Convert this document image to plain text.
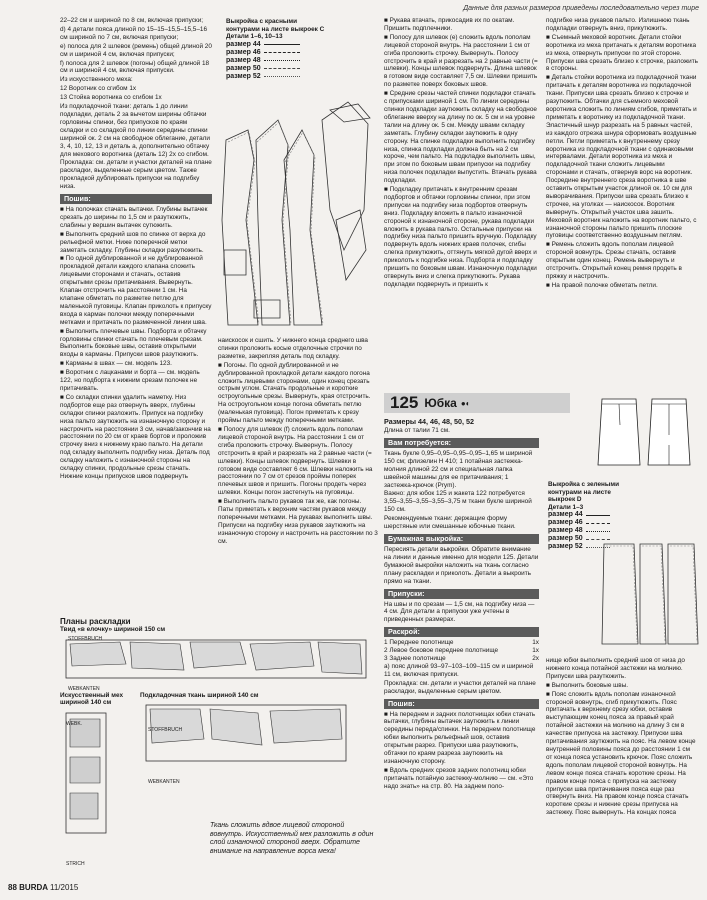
Данные для разных размеров приведены последовательно через тире

22–22 см и шириной по 8 см, включая припуски;

d) 4 детали пояса длиной по 15–15–15,5–15,5–16 см шириной по 7 см, включая припуски;

е) полоса для 2 шлевок (ремень) общей длиной 20 см и шириной 4 см, включая припуски;

f) полоса для 2 шлевок (погоны) общей длиной 18 см и шириной 4 см, включая припуски.

Из искусственного меха:

12 Воротник со сгибом 1x

13 Стойка воротника со сгибом 1x

Из подкладочной ткани: деталь 1 до линии подкладки, деталь 2 за вычетом ширины обтачки горловины спинки, без припусков по краям складки и со складкой по линии середины спинки шириной ок. 2 см на свободное облегание, детали 3, 4, 10, 12, 13 и деталь а, дополнительно обтачку для мехового воротника (деталь 12) 2х со сгибом.

Прокладка: см. детали и участки деталей на плане раскладки, выделенные серым цветом. Также прокладкой дублировать припуски на подгибку низа.

Пошив:

■ На полочках стачать вытачки. Глубины вытачек срезать до ширины по 1,5 см и разутюжить, слабины у вершин вытачек сутюжить.

■ Выполнить средний шов по спинке от верха до рельефной метки. Ниже поперечной метки заметать складку. Глубины складки разутюжить.

■ По одной дублированной и не дублированной прокладкой детали каждого клапана сложить лицевыми сторонами и стачать, оставив открытыми срезы притачивания. Вывернуть. Клапан отстрочить на расстоянии 1 см. На клапане обметать по разметке петлю для маленькой пуговицы. Клапан приколоть к припуску входа в карман полочки между поперечными метками и притачать по размеченной линии шва.

■ Выполнить плечевые швы. Подбортa и обтачку горловины спинки стачать по плечевым срезам. Выполнить боковые швы, оставив открытыми входы в карманы. Припуски швов разутюжить.

■ Карманы в швах — см. модель 123.

■ Воротник с лацканами и борта — см. модель 122, но подборта к нижним срезам полочек не притачивать.

■ Со складки спинки удалить наметку. Низ подбортов еще раз отвернуть вверх, глубины складки спинки разложить. Припуск на подгибку низа пальто заутюжить на изнаночную сторону и настрочить на расстоянии 3 см, начав/закончив на расстоянии по 20 см от краев бортов и проложив строчку вниз к нижнему краю пальто. На детали под складку выполнить подгибку низа. Деталь под складку наложить с изнаночной стороны на складку спинки, продольные срезы стачать. Нижние концы припусков швов подвернуть

Выкройка с красными контурами на листе выкроек С
Детали 1–6, 10–13
размер 44
размер 46
размер 48
размер 50
размер 52

наискосок и сшить. У нижнего конца среднего шва спинки проложить косые отделочные строчки по разметке, закрепляя деталь под складку.

■ Погоны. По одной дублированной и не дублированной прокладкой детали каждого погона сложить лицевыми сторонами, один конец срезать острым углом. Стачать продольные и короткие остроугольные срезы. Вывернуть, края отстрочить. На остроугольном конце погона обметать петлю (маленькая пуговица). Погон приметать к срезу проймы пальто между поперечными метками.

■ Полосу для шлевок (f) сложить вдоль пополам лицевой стороной внутрь. На расстоянии 1 см от сгиба проложить строчку. Вывернуть. Полосу отстрочить в край и разрезать на 2 равные части (= шлевки). Концы шлевок подвернуть. Шлевки в готовом виде составляет 6 см. Шлевки наложить на расстоянии по 7 см от срезов проймы поперек плечевых швов и пришить. Погоны продеть через шлевки. Концы погон застегнуть на пуговицы.

■ Выполнить пальто рукавов так же, как погоны. Паты приметать к верхним частям рукавов между поперечными метками. На рукавах выполнить швы. Припуски на подгибку низа рукавов заутюжить на изнаночную сторону и настрочить на расстоянии по 3 см.

■ Рукава втачать, прикосадив их по окатам. Пришить подплечники.

■ Полосу для шлевок (е) сложить вдоль пополам лицевой стороной внутрь. На расстоянии 1 см от сгиба проложить строчку. Вывернуть. Полосу отстрочить в край и разрезать на 2 равные части (= шлевки). Концы шлевок подвернуть. Длина шлевок в готовом виде составляет 7,5 см. Шлевки пришить по разметке поверх боковых швов.

■ Средние срезы частей спинки подкладки стачать с припусками шириной 1 см. По линии середины спинки подкладки заутюжить складку на свободное облегание вверху на длину по ок. 5 см и на уровне талии на длину ок. 5 см. Между швами складку заметать. Глубину складки заутюжить в одну сторону. На спинке подкладки выполнить подгибку низа, спинка подкладки должна быть на 2 см короче, чем пальто. На подкладке выполнить швы, при этом по боковым швам припуски на подгибку низа полочек подкладки выпустить. Втачать рукава подкладки.

■ Подкладку притачать к внутренним срезам подбортов и обтачки горловины спинки, при этом припуски на подгибку низа подбортов отвернуть вниз. Подкладку вложить в пальто изнаночной стороной к изнаночной стороне, рукава подкладки вложить в рукава пальто. Остальные припуски на подгибку низа пальто пришить вручную. Подкладку подвернуть вдоль нижних краев полочек, сгибы слегка прикутюжить, оттянуть мягкой дугой вверх и приколоть к подгибке низа. Подборта и подкладку пришить по боковым швам. Изнаночную подкладки отвернуть вниз и слегка прикутюжить. Рукава подкладки подвернуть и пришить к

подгибке низа рукавов пальто. Излишнюю ткань подкладки отвернуть вниз, прикутюжить.

■ Съемный меховой воротник. Детали стойки воротника из меха притачать к деталям воротника из меха, отвернуть припуски по этой стороне. Припуски шва срезать близко к строчке, разложить в стороны.

■ Деталь стойки воротника из подкладочной ткани притачать к деталям воротника из подкладочной ткани. Припуски шва срезать близко к строчке и разутюжить. Обтачки для съемного меховой воротника сложить по линиям сгибов, приметать и приметать к воротнику из подкладочной ткани. Эластичный шнур разрезать на 5 равных частей, из каждого отрезка шнура сформовать воздушные петли. Петли приметать к внутреннему срезу воротника из подкладочной ткани с одинаковыми интервалами. Детали воротника из меха и подкладочной ткани сложить лицевыми сторонами и стачать, отвернув ворс на воротник. Посредине внутреннего среза воротника в шве оставить открытым участок длиной ок. 10 см для выворачивания. Припуски шва срезать близко к строчке, на уголках — наискосок. Воротник вывернуть. Открытый участок шва зашить. Меховой воротник наложить на воротник пальто, с изнаночной стороны пальто пришить плоские пуговицы соответственно воздушным петлям.

■ Ремень сложить вдоль пополам лицевой стороной вовнутрь. Срезы стачать, оставив открытым один конец. Ремень вывернуть и отстрочить. Открытый конец ремня продеть в пряжку и настрочить.

■ На правой полочке обметать петли.

125 Юбка ●◐

Размеры 44, 46, 48, 50, 52

Длина от талии 71 см.

Вам потребуется:

Ткань букле 0,95–0,95–0,95–0,95–1,65 м шириной 150 см; флизелин Н 410; 1 потайная застежка-молния длиной 22 см и специальная лапка швейной машины для ее притачивания; 1 застежка-крючок (Prym).

Важно: для юбок 125 и жакета 122 потребуется 3,55–3,55–3,55–3,55–3,75 м ткани букле шириной 150 см.

Рекомендуемые ткани: держащие форму шерстяные или смешанные юбочные ткани.

Бумажная выкройка:

Пересиять детали выкройки. Обратите внимание на линии и данные именно для модели 125. Детали бумажной выкройки наложить на ткань согласно плану раскладки и приколоть. Детали а выкроить прямо на ткани.

Припуски:

На швы и по срезам — 1,5 см, на подгибку низа — 4 см. Для детали а припуски уже учтены в приведенных размерах.

Раскрой:
1 Переднее полотнище	1x
2 Левое боковое переднее полотнище	1x
3 Заднее полотнище	2x

а) пояс длиной 93–97–103–109–115 см и шириной 11 см, включая припуски.

Прокладка: см. детали и участки деталей на плане раскладки, выделенные серым цветом.

Пошив:

■ На переднем и задних полотнищах юбки стачать вытачки, глубины вытачек заутюжить к линии середины переда/спинки. На переднем полотнище юбки выполнить рельефный шов, оставив открытым разрез. Припуски шва разутюжить, обтачки по краям разреза заутюжить на изнаночную сторону.

■ Вдоль средних срезов задних полотнищ юбки притачать потайную застежку-молнию — см. «Это надо знать» на стр. 80. На заднем поло-

Выкройка с зелеными контурами на листе выкроек D
Детали 1–3
размер 44
размер 46
размер 48
размер 50
размер 52

нище юбки выполнить средний шов от низа до нижнего конца потайной застежки на молнию. Припуски шва разутюжить.

■ Выполнить боковые швы.

■ Пояс сложить вдоль пополам изнаночной стороной вовнутрь, сгиб прикутюжить. Пояс притачать к верхнему срезу юбки, оставив выступающим конец пояса за правый край потайной застежки на молнию на длину 3 см в качестве припуска на застежку. Припуски шва притачивания заутюжить на пояс. На левом конце внутренней половины пояса до расстоянии 1 см от конца пояса установить крючок. Пояс сложить вдоль пополам лицевой стороной вовнутрь. На левом конце пояса стачать короткие срезы. На правом конце пояса с припуска на застежку припуски шва притачивания пояса еще раз отвернуть вниз. На правом конце пояса стачать короткие срезы и нижние срезы припуска на застежку. Пояс вывернуть. На концах пояса

Планы раскладки
Твид «в елочку» шириной 150 см
STOFFBRUCH
WEBKANTEN
Искусственный мех шириной 140 см
Подкладочная ткань шириной 140 см
STOFFBRUCH
WEBKANTEN
WEBK.
STRICH
Ткань сложить вдвое лицевой стороной вовнутрь. Искусственный мех разложить в один слой изнаночной стороной вверх. Обратите внимание на направление ворса меха!
88 BURDA 11/2015
